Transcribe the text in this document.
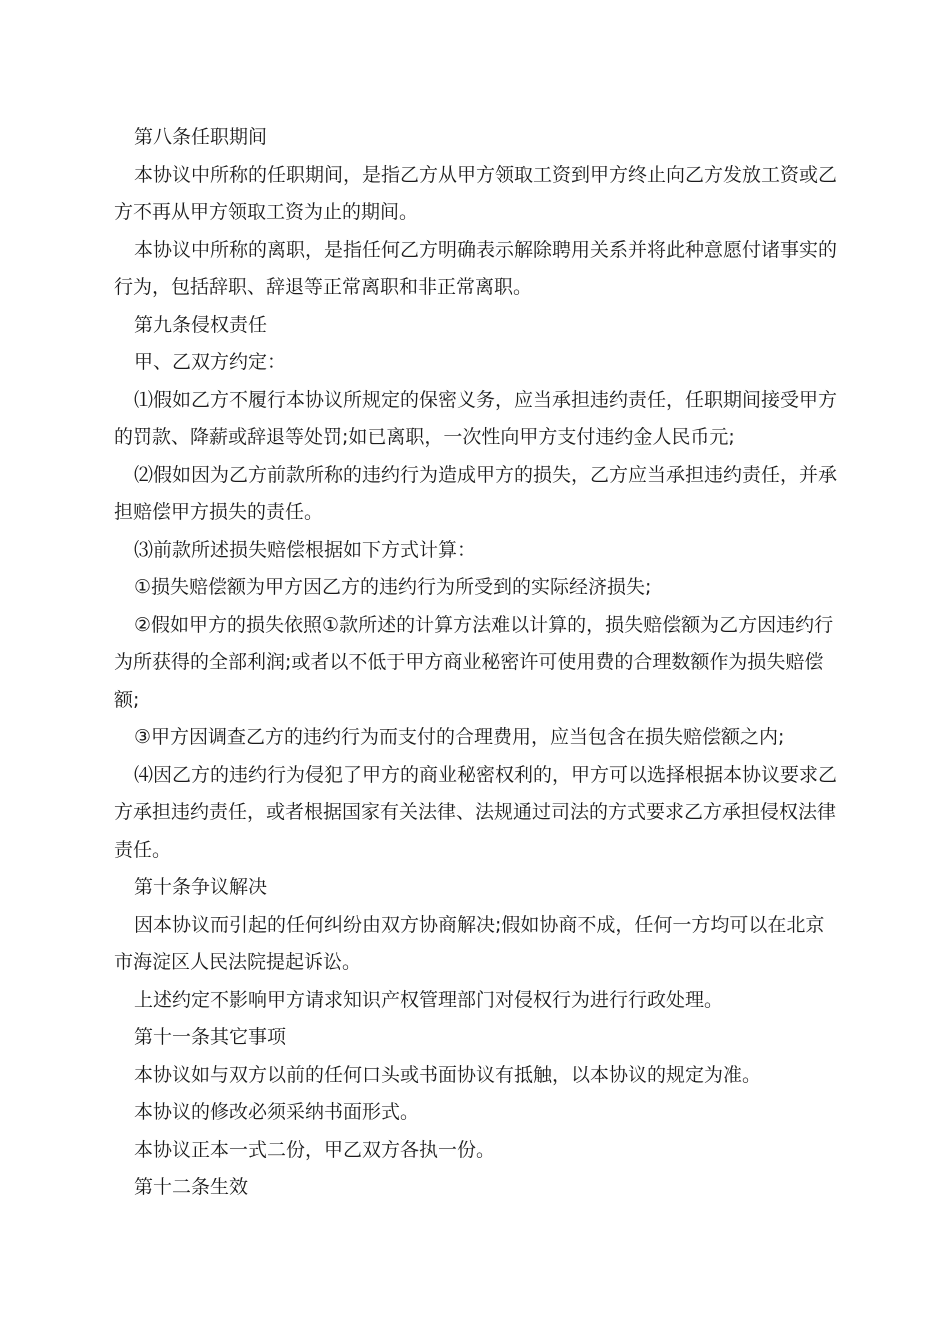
第八条任职期间

本协议中所称的任职期间，是指乙方从甲方领取工资到甲方终止向乙方发放工资或乙方不再从甲方领取工资为止的期间。

本协议中所称的离职，是指任何乙方明确表示解除聘用关系并将此种意愿付诸事实的行为，包括辞职、辞退等正常离职和非正常离职。

第九条侵权责任

甲、乙双方约定：

⑴假如乙方不履行本协议所规定的保密义务，应当承担违约责任，任职期间接受甲方的罚款、降薪或辞退等处罚;如已离职，一次性向甲方支付违约金人民币元;

⑵假如因为乙方前款所称的违约行为造成甲方的损失，乙方应当承担违约责任，并承担赔偿甲方损失的责任。

⑶前款所述损失赔偿根据如下方式计算：

①损失赔偿额为甲方因乙方的违约行为所受到的实际经济损失;

②假如甲方的损失依照①款所述的计算方法难以计算的，损失赔偿额为乙方因违约行为所获得的全部利润;或者以不低于甲方商业秘密许可使用费的合理数额作为损失赔偿额;

③甲方因调查乙方的违约行为而支付的合理费用，应当包含在损失赔偿额之内;

⑷因乙方的违约行为侵犯了甲方的商业秘密权利的，甲方可以选择根据本协议要求乙方承担违约责任，或者根据国家有关法律、法规通过司法的方式要求乙方承担侵权法律责任。

第十条争议解决

因本协议而引起的任何纠纷由双方协商解决;假如协商不成，任何一方均可以在北京市海淀区人民法院提起诉讼。

上述约定不影响甲方请求知识产权管理部门对侵权行为进行行政处理。

第十一条其它事项

本协议如与双方以前的任何口头或书面协议有抵触，以本协议的规定为准。

本协议的修改必须采纳书面形式。

本协议正本一式二份，甲乙双方各执一份。

第十二条生效
